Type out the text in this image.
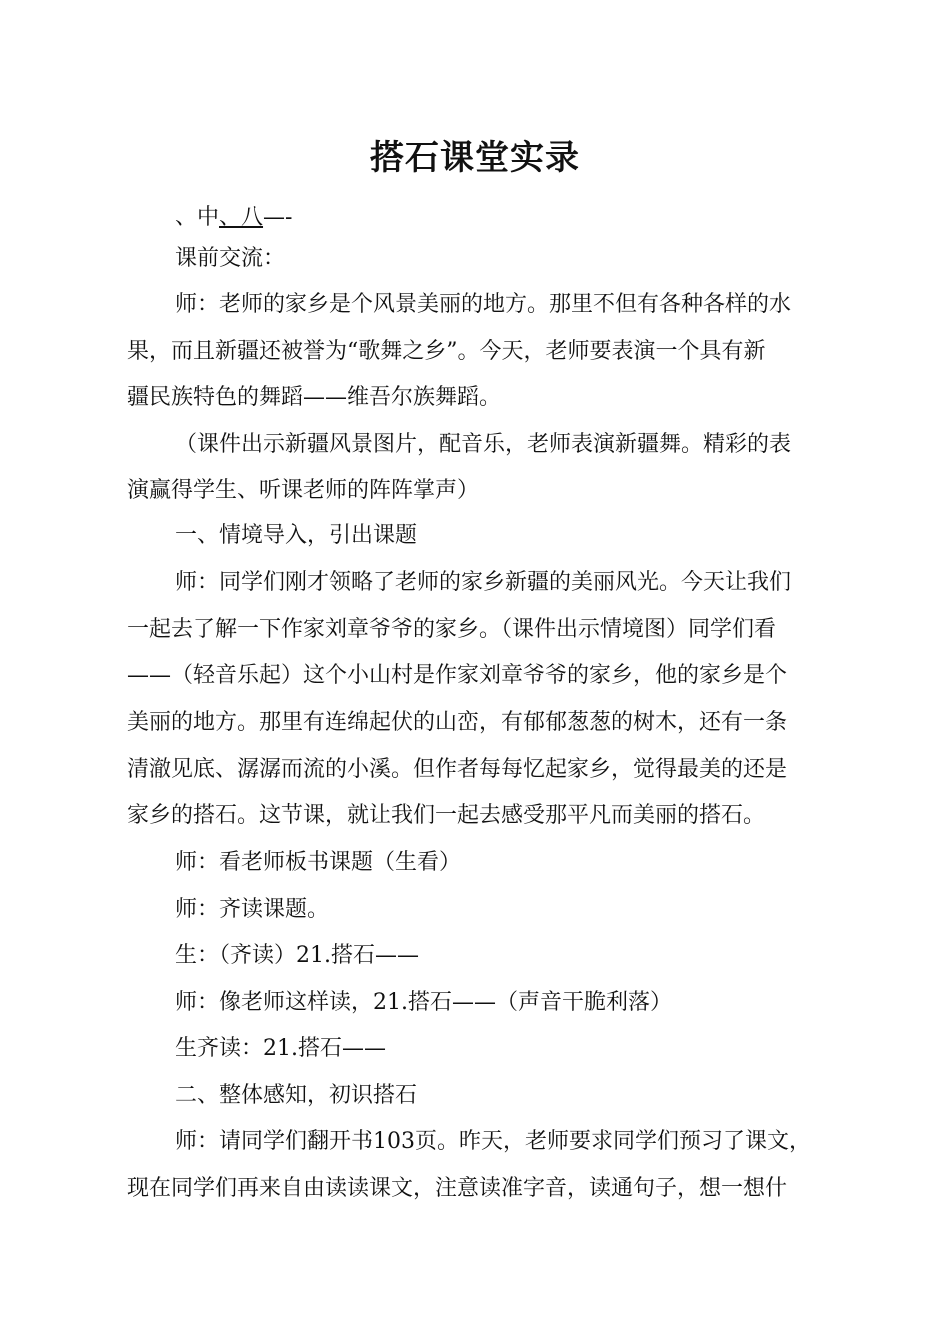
搭石课堂实录
、中、八—-
课前交流：
师：老师的家乡是个风景美丽的地方。那里不但有各种各样的水
果，而且新疆还被誉为“歌舞之乡”。今天，老师要表演一个具有新
疆民族特色的舞蹈——维吾尔族舞蹈。
（课件出示新疆风景图片，配音乐，老师表演新疆舞。精彩的表
演赢得学生、听课老师的阵阵掌声）
一、情境导入，引出课题
师：同学们刚才领略了老师的家乡新疆的美丽风光。今天让我们
一起去了解一下作家刘章爷爷的家乡。（课件出示情境图）同学们看
——（轻音乐起）这个小山村是作家刘章爷爷的家乡，他的家乡是个
美丽的地方。那里有连绵起伏的山峦，有郁郁葱葱的树木，还有一条
清澈见底、潺潺而流的小溪。但作者每每忆起家乡，觉得最美的还是
家乡的搭石。这节课，就让我们一起去感受那平凡而美丽的搭石。
师：看老师板书课题（生看）
师：齐读课题。
生：（齐读）21.搭石——
师：像老师这样读，21.搭石——（声音干脆利落）
生齐读：21.搭石——
二、整体感知，初识搭石
师：请同学们翻开书103页。昨天，老师要求同学们预习了课文，
现在同学们再来自由读读课文，注意读准字音，读通句子，想一想什
